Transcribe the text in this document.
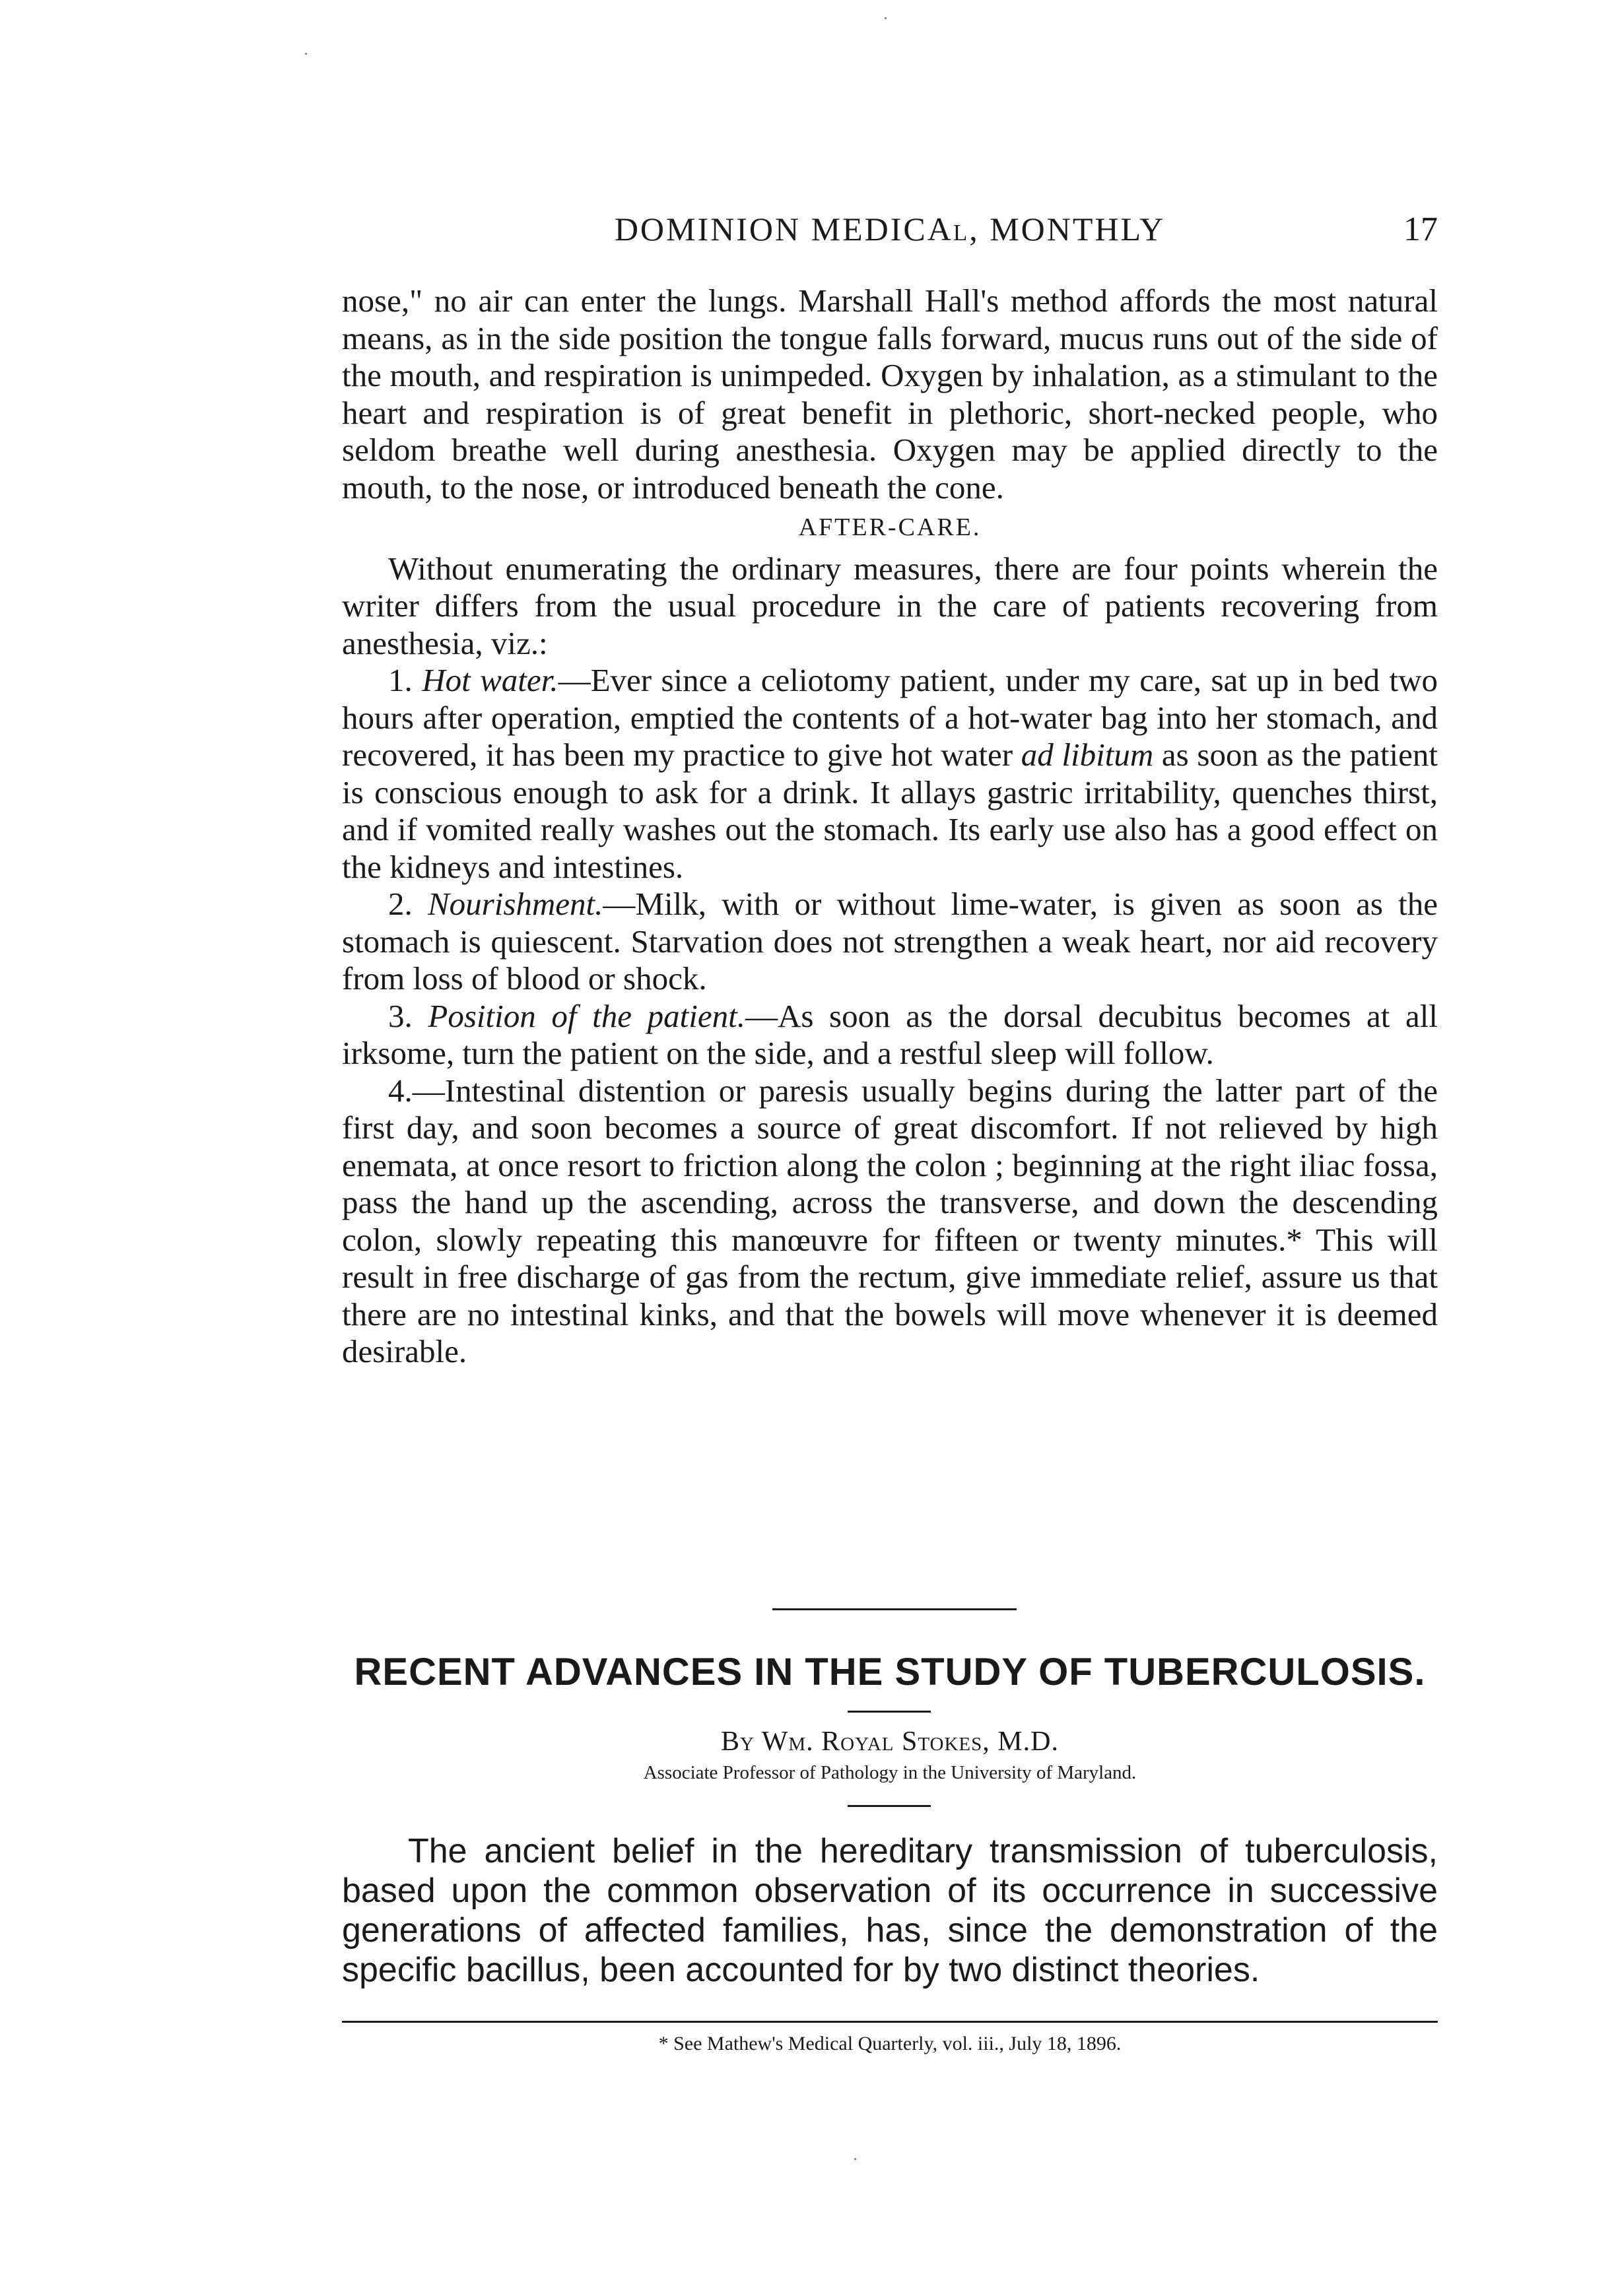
DOMINION MEDICAl, MONTHLY	17

nose," no air can enter the lungs. Marshall Hall's method affords the most natural means, as in the side position the tongue falls forward, mucus runs out of the side of the mouth, and respiration is unimpeded. Oxygen by inhalation, as a stimulant to the heart and respiration is of great benefit in plethoric, short-necked people, who seldom breathe well during anesthesia. Oxygen may be applied directly to the mouth, to the nose, or introduced beneath the cone.

AFTER-CARE.

Without enumerating the ordinary measures, there are four points wherein the writer differs from the usual procedure in the care of patients recovering from anesthesia, viz.:

1. Hot water.—Ever since a celiotomy patient, under my care, sat up in bed two hours after operation, emptied the contents of a hot-water bag into her stomach, and recovered, it has been my practice to give hot water ad libitum as soon as the patient is conscious enough to ask for a drink. It allays gastric irritability, quenches thirst, and if vomited really washes out the stomach. Its early use also has a good effect on the kidneys and intestines.

2. Nourishment.—Milk, with or without lime-water, is given as soon as the stomach is quiescent. Starvation does not strengthen a weak heart, nor aid recovery from loss of blood or shock.

3. Position of the patient.—As soon as the dorsal decubitus becomes at all irksome, turn the patient on the side, and a restful sleep will follow.

4.—Intestinal distention or paresis usually begins during the latter part of the first day, and soon becomes a source of great discomfort. If not relieved by high enemata, at once resort to friction along the colon ; beginning at the right iliac fossa, pass the hand up the ascending, across the transverse, and down the descending colon, slowly repeating this manœuvre for fifteen or twenty minutes.* This will result in free discharge of gas from the rectum, give immediate relief, assure us that there are no intestinal kinks, and that the bowels will move whenever it is deemed desirable.

RECENT ADVANCES IN THE STUDY OF TUBERCULOSIS.
By Wm. Royal Stokes, M.D.
Associate Professor of Pathology in the University of Maryland.

The ancient belief in the hereditary transmission of tuberculosis, based upon the common observation of its occurrence in successive generations of affected families, has, since the demonstration of the specific bacillus, been accounted for by two distinct theories.

* See Mathew's Medical Quarterly, vol. iii., July 18, 1896.
